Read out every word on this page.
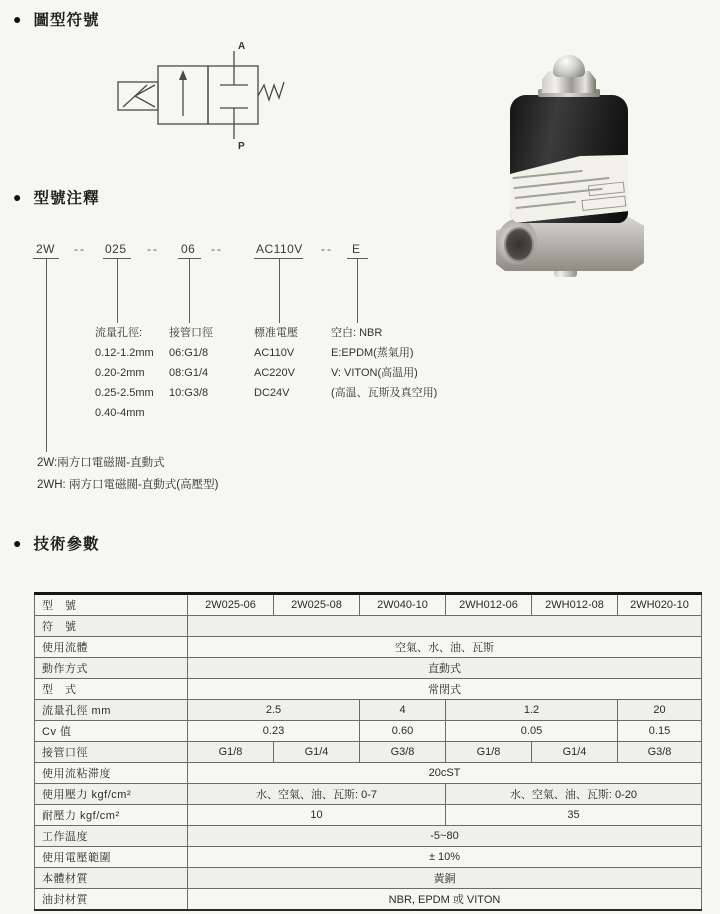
● 圖型符號
A
P
● 型號注釋
2W -- 025 -- 06 --	AC110V -- E
流量孔徑:
0.12-1.2mm
0.20-2mm
0.25-2.5mm
0.40-4mm
接管口徑
06:G1/8
08:G1/4
10:G3/8
標准電壓
AC110V
AC220V
DC24V
空白: NBR
E:EPDM(蒸氣用)
V: VITON(高温用)
(高温、瓦斯及真空用)
2W:兩方口電磁閥-直動式
2WH: 兩方口電磁閥-直動式(高壓型)
● 技術參數
型　號	2W025-06	2W025-08	2W040-10	2WH012-06	2WH012-08	2WH020-10
符　號						
使用流體	空氣、水、油、瓦斯					
動作方式	直動式					
型　式	常閉式					
流量孔徑 mm	2.5		4	1.2		20
Cv 值	0.23		0.60	0.05		0.15
接管口徑	G1/8	G1/4	G3/8	G1/8	G1/4	G3/8
使用流粘滞度	20cST					
使用壓力 kgf/cm²	水、空氣、油、瓦斯: 0-7			水、空氣、油、瓦斯: 0-20		
耐壓力 kgf/cm²	10			35		
工作温度	-5~80					
使用電壓範圍	± 10%					
本體材質	黃銅					
油封材質	NBR, EPDM 或 VITON					
